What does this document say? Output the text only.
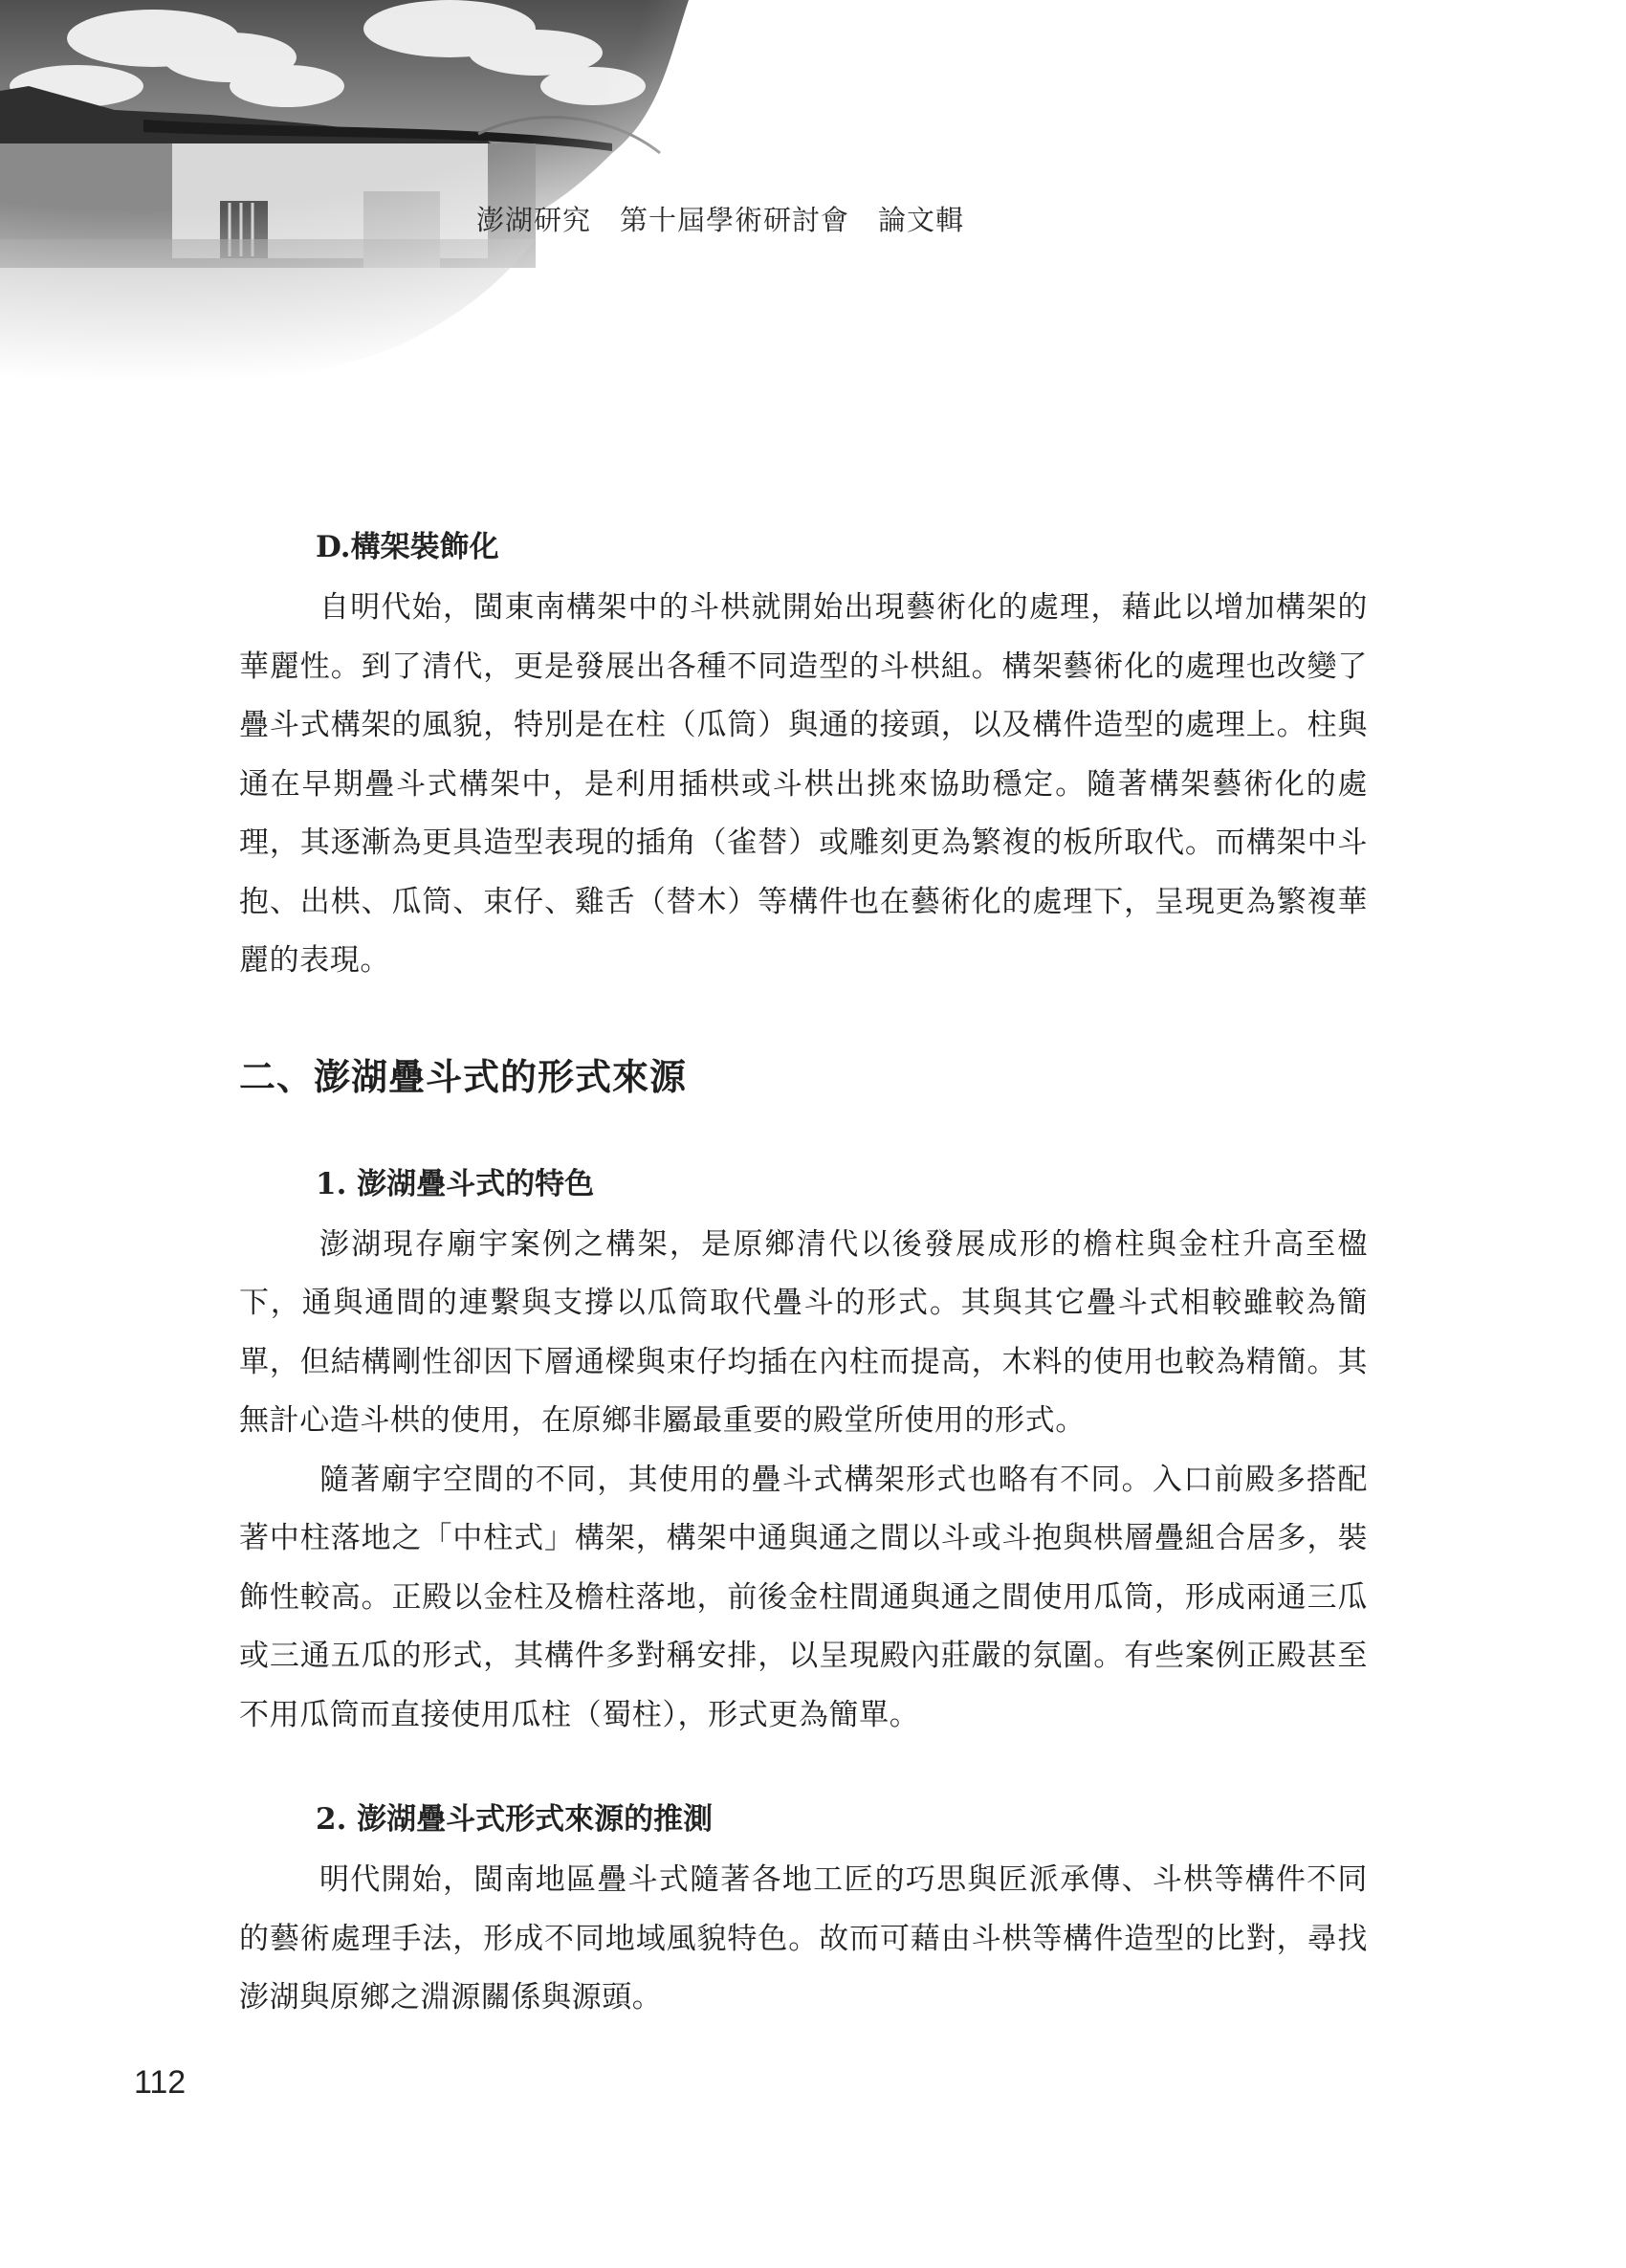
澎湖研究　第十屆學術研討會　論文輯
D.構架裝飾化

自明代始，閩東南構架中的斗栱就開始出現藝術化的處理，藉此以增加構架的華麗性。到了清代，更是發展出各種不同造型的斗栱組。構架藝術化的處理也改變了疊斗式構架的風貌，特別是在柱（瓜筒）與通的接頭，以及構件造型的處理上。柱與通在早期疊斗式構架中，是利用插栱或斗栱出挑來協助穩定。隨著構架藝術化的處理，其逐漸為更具造型表現的插角（雀替）或雕刻更為繁複的板所取代。而構架中斗抱、出栱、瓜筒、束仔、雞舌（替木）等構件也在藝術化的處理下，呈現更為繁複華麗的表現。

二、澎湖疊斗式的形式來源
1. 澎湖疊斗式的特色

澎湖現存廟宇案例之構架，是原鄉清代以後發展成形的檐柱與金柱升高至楹下，通與通間的連繫與支撐以瓜筒取代疊斗的形式。其與其它疊斗式相較雖較為簡單，但結構剛性卻因下層通樑與束仔均插在內柱而提高，木料的使用也較為精簡。其無計心造斗栱的使用，在原鄉非屬最重要的殿堂所使用的形式。

隨著廟宇空間的不同，其使用的疊斗式構架形式也略有不同。入口前殿多搭配著中柱落地之「中柱式」構架，構架中通與通之間以斗或斗抱與栱層疊組合居多，裝飾性較高。正殿以金柱及檐柱落地，前後金柱間通與通之間使用瓜筒，形成兩通三瓜或三通五瓜的形式，其構件多對稱安排，以呈現殿內莊嚴的氛圍。有些案例正殿甚至不用瓜筒而直接使用瓜柱（蜀柱），形式更為簡單。

2. 澎湖疊斗式形式來源的推測

明代開始，閩南地區疊斗式隨著各地工匠的巧思與匠派承傳、斗栱等構件不同的藝術處理手法，形成不同地域風貌特色。故而可藉由斗栱等構件造型的比對，尋找澎湖與原鄉之淵源關係與源頭。

112
